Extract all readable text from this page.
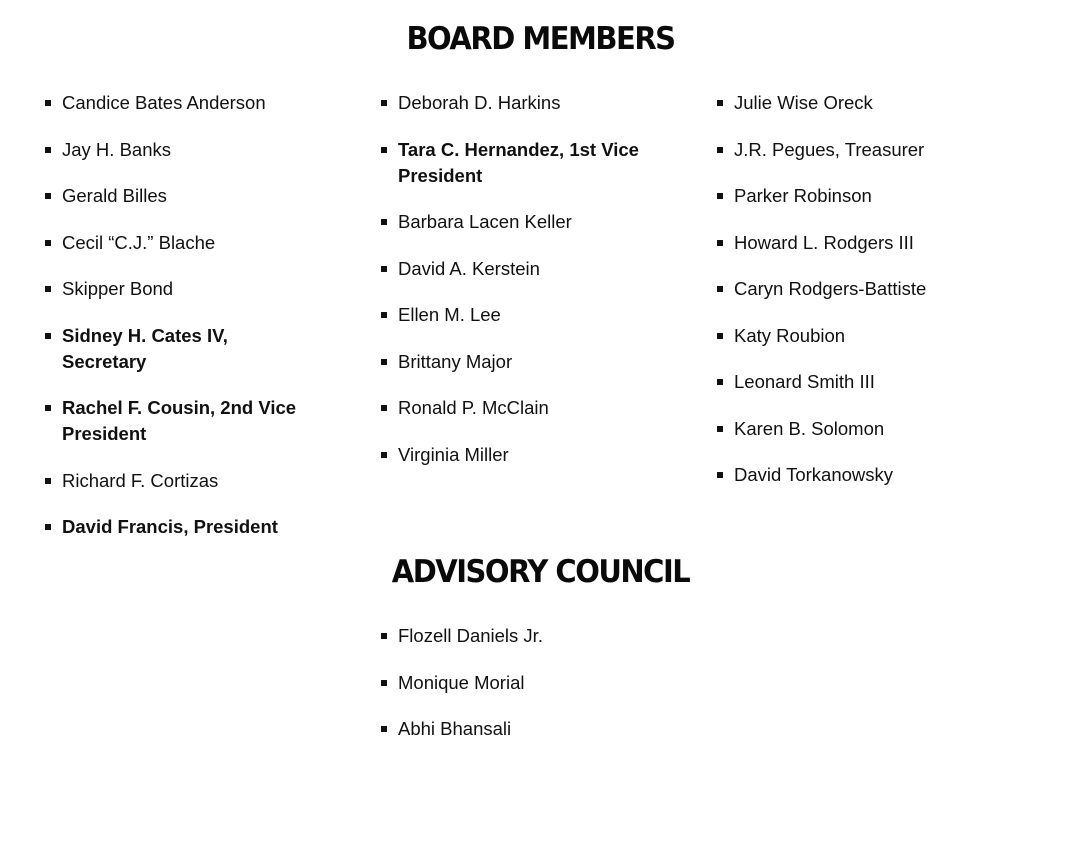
BOARD MEMBERS
Candice Bates Anderson
Jay H. Banks
Gerald Billes
Cecil “C.J.” Blache
Skipper Bond
Sidney H. Cates IV, Secretary
Rachel F. Cousin, 2nd Vice President
Richard F. Cortizas
David Francis, President
Deborah D. Harkins
Tara C. Hernandez, 1st Vice President
Barbara Lacen Keller
David A. Kerstein
Ellen M. Lee
Brittany Major
Ronald P. McClain
Virginia Miller
Julie Wise Oreck
J.R. Pegues, Treasurer
Parker Robinson
Howard L. Rodgers III
Caryn Rodgers-Battiste
Katy Roubion
Leonard Smith III
Karen B. Solomon
David Torkanowsky
ADVISORY COUNCIL
Flozell Daniels Jr.
Monique Morial
Abhi Bhansali
